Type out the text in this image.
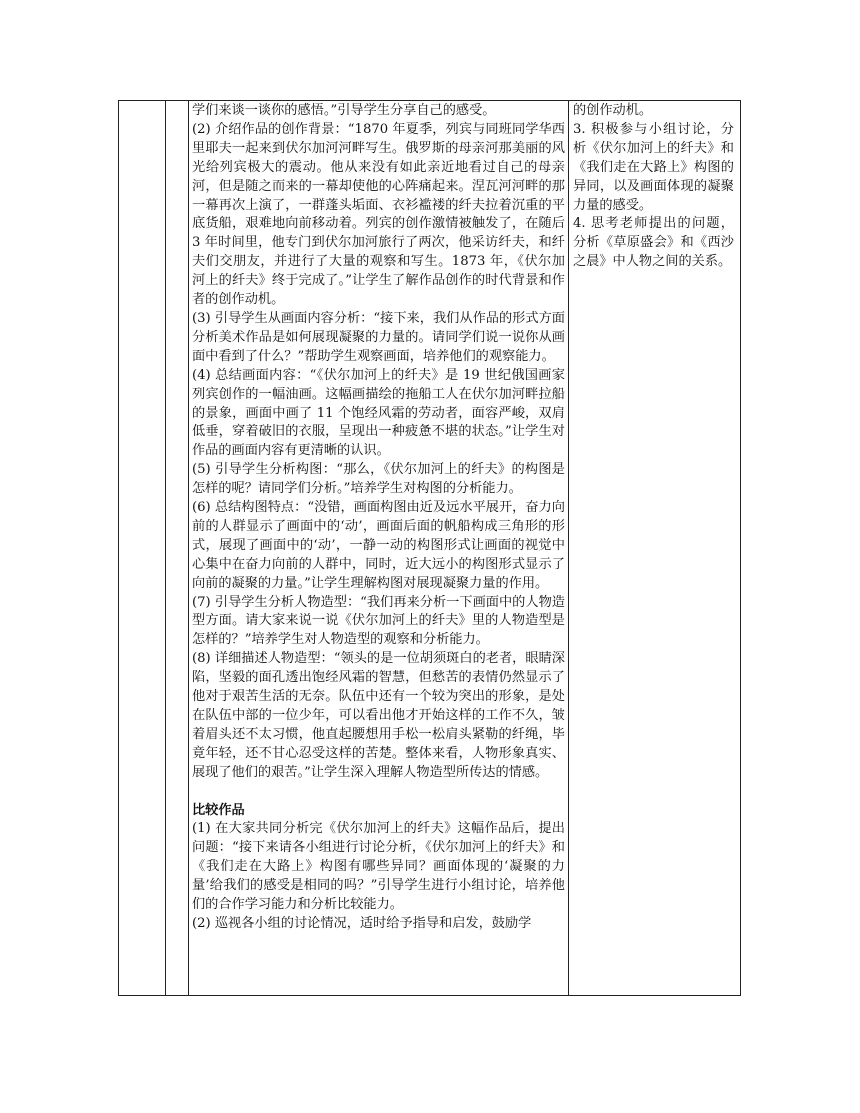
学们来谈一谈你的感悟。”引导学生分享自己的感受。

(2) 介绍作品的创作背景：“1870 年夏季，列宾与同班同学华西里耶夫一起来到伏尔加河河畔写生。俄罗斯的母亲河那美丽的风光给列宾极大的震动。他从来没有如此亲近地看过自己的母亲河，但是随之而来的一幕却使他的心阵痛起来。涅瓦河河畔的那一幕再次上演了，一群蓬头垢面、衣衫褴褛的纤夫拉着沉重的平底货船，艰难地向前移动着。列宾的创作激情被触发了，在随后 3 年时间里，他专门到伏尔加河旅行了两次，他采访纤夫，和纤夫们交朋友，并进行了大量的观察和写生。1873 年，《伏尔加河上的纤夫》终于完成了。”让学生了解作品创作的时代背景和作者的创作动机。

(3) 引导学生从画面内容分析：“接下来，我们从作品的形式方面分析美术作品是如何展现凝聚的力量的。请同学们说一说你从画面中看到了什么？”帮助学生观察画面，培养他们的观察能力。

(4) 总结画面内容：“《伏尔加河上的纤夫》是 19 世纪俄国画家列宾创作的一幅油画。这幅画描绘的拖船工人在伏尔加河畔拉船的景象，画面中画了 11 个饱经风霜的劳动者，面容严峻，双肩低垂，穿着破旧的衣服，呈现出一种疲惫不堪的状态。”让学生对作品的画面内容有更清晰的认识。

(5) 引导学生分析构图：“那么，《伏尔加河上的纤夫》的构图是怎样的呢？请同学们分析。”培养学生对构图的分析能力。

(6) 总结构图特点：“没错，画面构图由近及远水平展开，奋力向前的人群显示了画面中的‘动’，画面后面的帆船构成三角形的形式，展现了画面中的‘动’，一静一动的构图形式让画面的视觉中心集中在奋力向前的人群中，同时，近大远小的构图形式显示了向前的凝聚的力量。”让学生理解构图对展现凝聚力量的作用。

(7) 引导学生分析人物造型：“我们再来分析一下画面中的人物造型方面。请大家来说一说《伏尔加河上的纤夫》里的人物造型是怎样的？”培养学生对人物造型的观察和分析能力。

(8) 详细描述人物造型：“领头的是一位胡须斑白的老者，眼睛深陷，坚毅的面孔透出饱经风霜的智慧，但愁苦的表情仍然显示了他对于艰苦生活的无奈。队伍中还有一个较为突出的形象，是处在队伍中部的一位少年，可以看出他才开始这样的工作不久，皱着眉头还不太习惯，他直起腰想用手松一松肩头紧勒的纤绳，毕竟年轻，还不甘心忍受这样的苦楚。整体来看，人物形象真实、展现了他们的艰苦。”让学生深入理解人物造型所传达的情感。

比较作品

(1) 在大家共同分析完《伏尔加河上的纤夫》这幅作品后，提出问题：“接下来请各小组进行讨论分析，《伏尔加河上的纤夫》和《我们走在大路上》构图有哪些异同？画面体现的‘凝聚的力量’给我们的感受是相同的吗？”引导学生进行小组讨论，培养他们的合作学习能力和分析比较能力。

(2) 巡视各小组的讨论情况，适时给予指导和启发，鼓励学

的创作动机。

3. 积极参与小组讨论，分析《伏尔加河上的纤夫》和《我们走在大路上》构图的异同，以及画面体现的凝聚力量的感受。

4. 思考老师提出的问题，分析《草原盛会》和《西沙之晨》中人物之间的关系。
